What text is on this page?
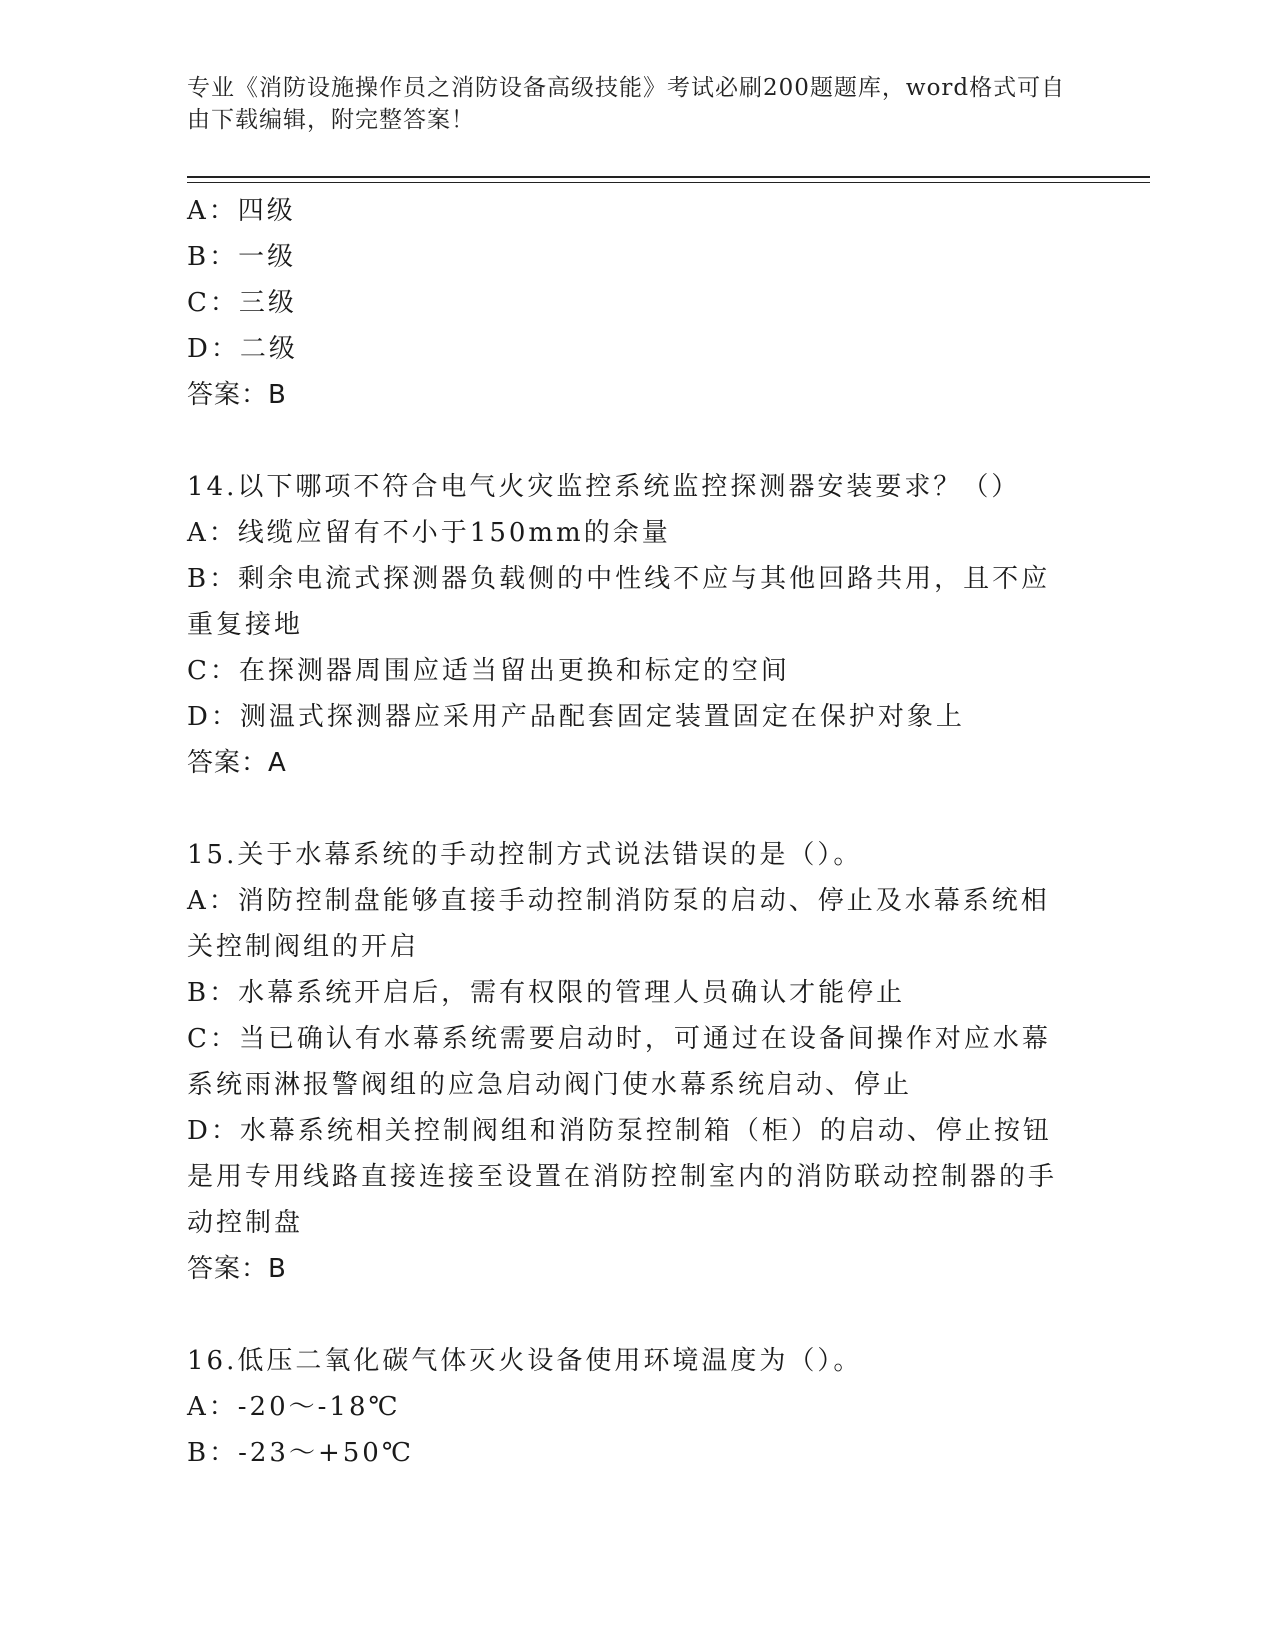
专业《消防设施操作员之消防设备高级技能》考试必刷200题题库，word格式可自由下载编辑，附完整答案！

A：四级

B：一级

C：三级

D：二级

答案：B

14.以下哪项不符合电气火灾监控系统监控探测器安装要求？（）

A：线缆应留有不小于150mm的余量

B：剩余电流式探测器负载侧的中性线不应与其他回路共用，且不应重复接地

C：在探测器周围应适当留出更换和标定的空间

D：测温式探测器应采用产品配套固定装置固定在保护对象上

答案：A

15.关于水幕系统的手动控制方式说法错误的是（）。

A：消防控制盘能够直接手动控制消防泵的启动、停止及水幕系统相关控制阀组的开启

B：水幕系统开启后，需有权限的管理人员确认才能停止

C：当已确认有水幕系统需要启动时，可通过在设备间操作对应水幕系统雨淋报警阀组的应急启动阀门使水幕系统启动、停止

D：水幕系统相关控制阀组和消防泵控制箱（柜）的启动、停止按钮是用专用线路直接连接至设置在消防控制室内的消防联动控制器的手动控制盘

答案：B

16.低压二氧化碳气体灭火设备使用环境温度为（）。

A：-20～-18℃

B：-23～+50℃
